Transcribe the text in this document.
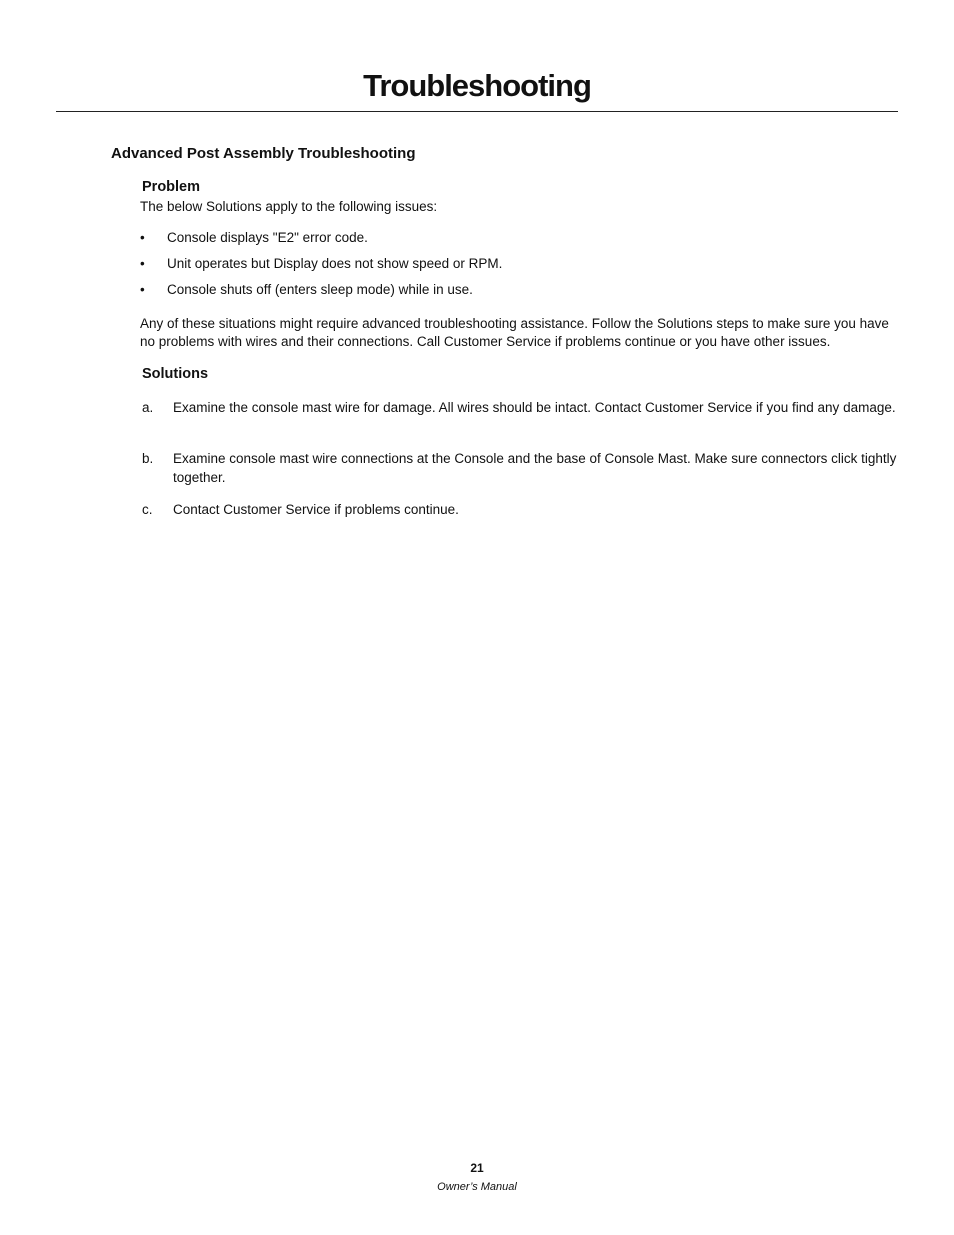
Troubleshooting
Advanced Post Assembly Troubleshooting
Problem

The below Solutions apply to the following issues:

• Console displays "E2" error code.
• Unit operates but Display does not show speed or RPM.
• Console shuts off (enters sleep mode) while in use.

Any of these situations might require advanced troubleshooting assistance. Follow the Solutions steps to make sure you have no problems with wires and their connections. Call Customer Service if problems continue or you have other issues.

Solutions
a. Examine the console mast wire for damage. All wires should be intact. Contact Customer Service if you find any damage.
b. Examine console mast wire connections at the Console and the base of Console Mast. Make sure connectors click tightly together.
c. Contact Customer Service if problems continue.

21

Owner’s Manual
